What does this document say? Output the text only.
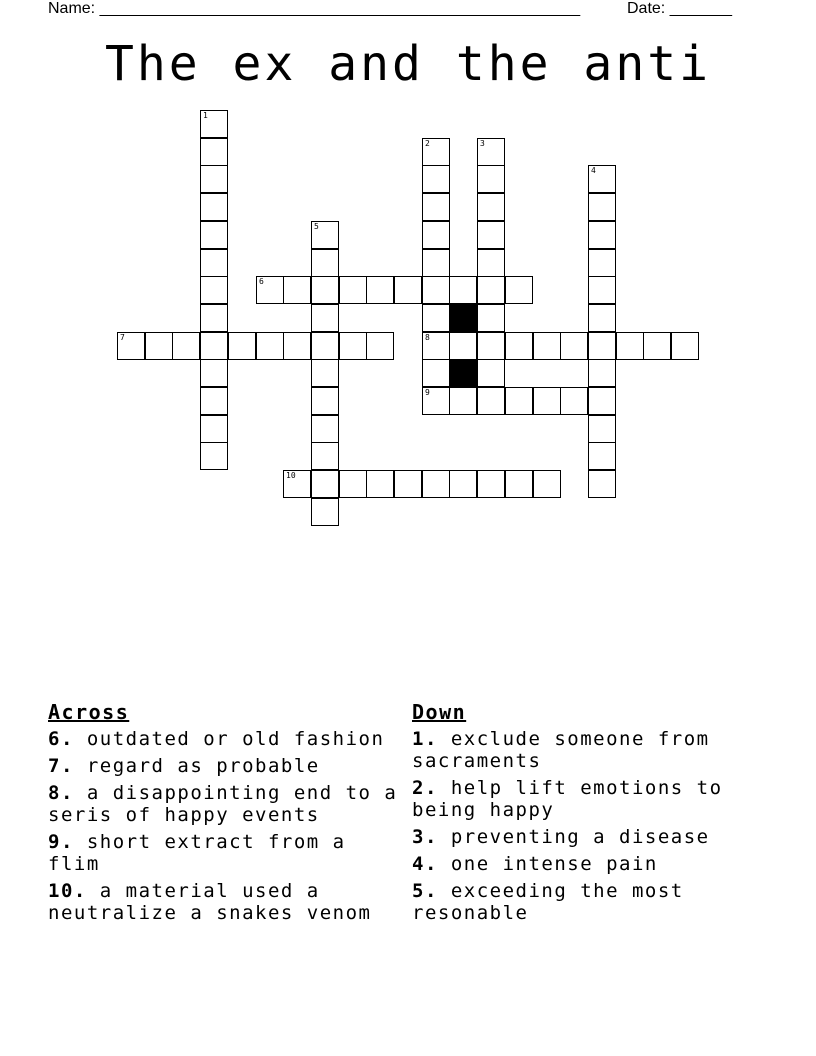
Name: ______________________________________________________	Date: _______
The ex and the anti
6
7	8
9
10
1
2	3
4
5
Across
6. outdated or old fashion
7. regard as probable
8. a disappointing end to a seris of happy events
9. short extract from a flim
10. a material used a neutralize a snakes venom
Down
1. exclude someone from sacraments
2. help lift emotions to being happy
3. preventing a disease
4. one intense pain
5. exceeding the most resonable
